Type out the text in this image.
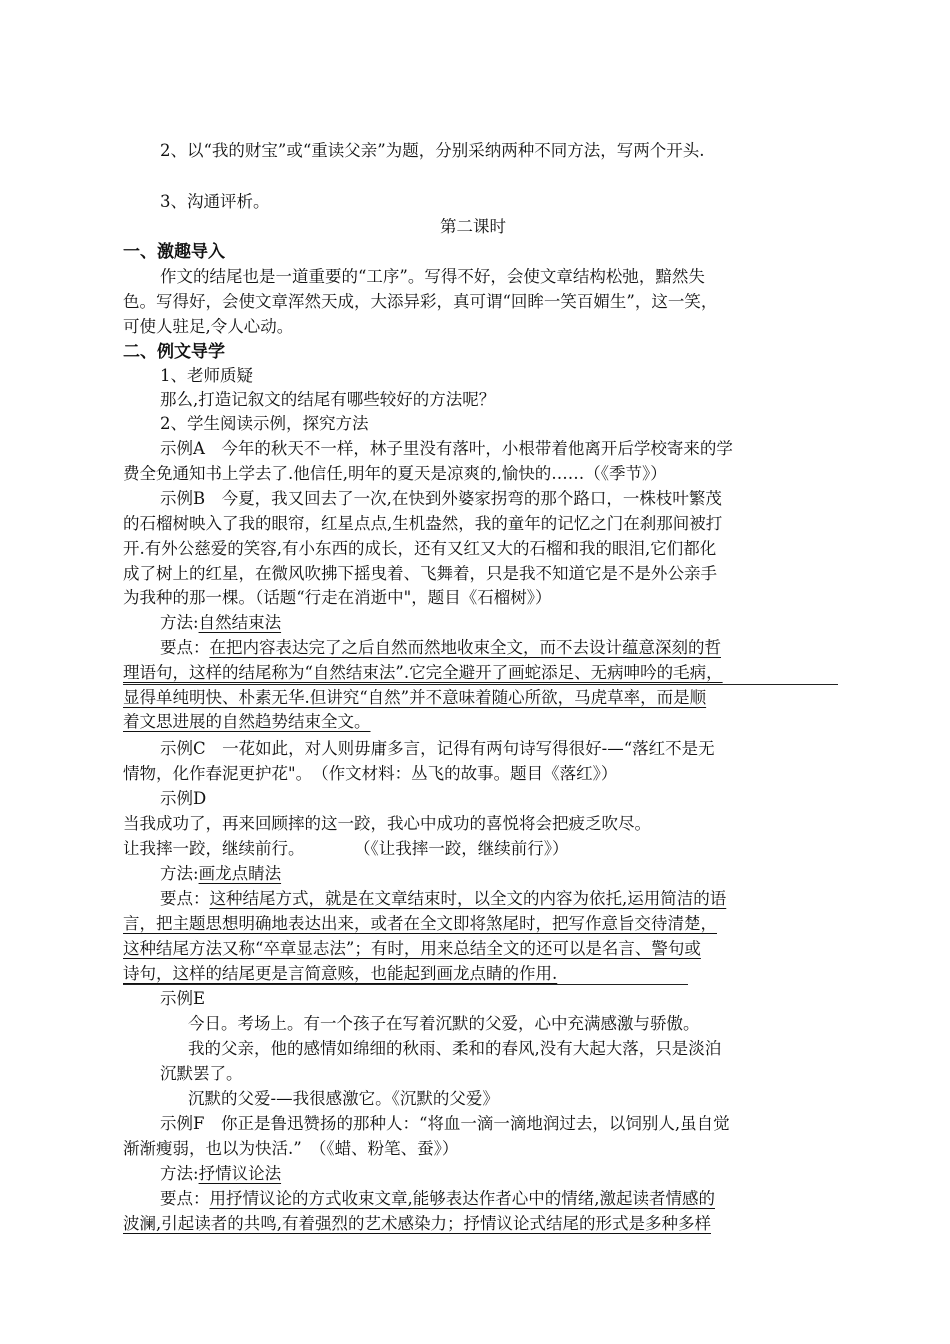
2、以“我的财宝”或“重读父亲”为题，分别采纳两种不同方法，写两个开头.
3、沟通评析。
第二课时
一、激趣导入
作文的结尾也是一道重要的“工序”。写得不好，会使文章结构松弛，黯然失
色。写得好，会使文章浑然天成，大添异彩，真可谓“回眸一笑百媚生”，这一笑，
可使人驻足,令人心动。
二、例文导学
1、老师质疑
那么,打造记叙文的结尾有哪些较好的方法呢？
2、学生阅读示例，探究方法
示例A　今年的秋天不一样，林子里没有落叶，小根带着他离开后学校寄来的学
费全免通知书上学去了.他信任,明年的夏天是凉爽的,愉快的……（《季节》）
示例B　今夏，我又回去了一次,在快到外婆家拐弯的那个路口，一株枝叶繁茂
的石榴树映入了我的眼帘，红星点点,生机盎然，我的童年的记忆之门在刹那间被打
开.有外公慈爱的笑容,有小东西的成长，还有又红又大的石榴和我的眼泪,它们都化
成了树上的红星，在微风吹拂下摇曳着、飞舞着，只是我不知道它是不是外公亲手
为我种的那一棵。（话题“行走在消逝中"，题目《石榴树》）
方法:自然结束法
要点：在把内容表达完了之后自然而然地收束全文，而不去设计蕴意深刻的哲
理语句，这样的结尾称为“自然结束法”.它完全避开了画蛇添足、无病呻吟的毛病，
显得单纯明快、朴素无华.但讲究“自然”并不意味着随心所欲，马虎草率，而是顺
着文思进展的自然趋势结束全文。
示例C　一花如此，对人则毋庸多言，记得有两句诗写得很好-—“落红不是无
情物，化作春泥更护花"。　（作文材料：丛飞的故事。题目《落红》）
示例D
当我成功了，再来回顾摔的这一跤，我心中成功的喜悦将会把疲乏吹尽。
让我摔一跤，继续前行。　　　　（《让我摔一跤，继续前行》）
方法:画龙点睛法
要点：这种结尾方式，就是在文章结束时，以全文的内容为依托,运用简洁的语
言，把主题思想明确地表达出来，或者在全文即将煞尾时，把写作意旨交待清楚，
这种结尾方法又称“卒章显志法”；有时，用来总结全文的还可以是名言、警句或
诗句，这样的结尾更是言简意赅，也能起到画龙点睛的作用.
示例E
今日。考场上。有一个孩子在写着沉默的父爱，心中充满感激与骄傲。
我的父亲，他的感情如绵细的秋雨、柔和的春风,没有大起大落，只是淡泊
沉默罢了。
沉默的父爱-—我很感激它。《沉默的父爱》
示例F　你正是鲁迅赞扬的那种人：“将血一滴一滴地润过去，以饲别人,虽自觉
渐渐瘦弱，也以为快活.”　（《蜡、粉笔、蚕》）
方法:抒情议论法
要点：用抒情议论的方式收束文章,能够表达作者心中的情绪,激起读者情感的
波澜,引起读者的共鸣,有着强烈的艺术感染力；抒情议论式结尾的形式是多种多样
